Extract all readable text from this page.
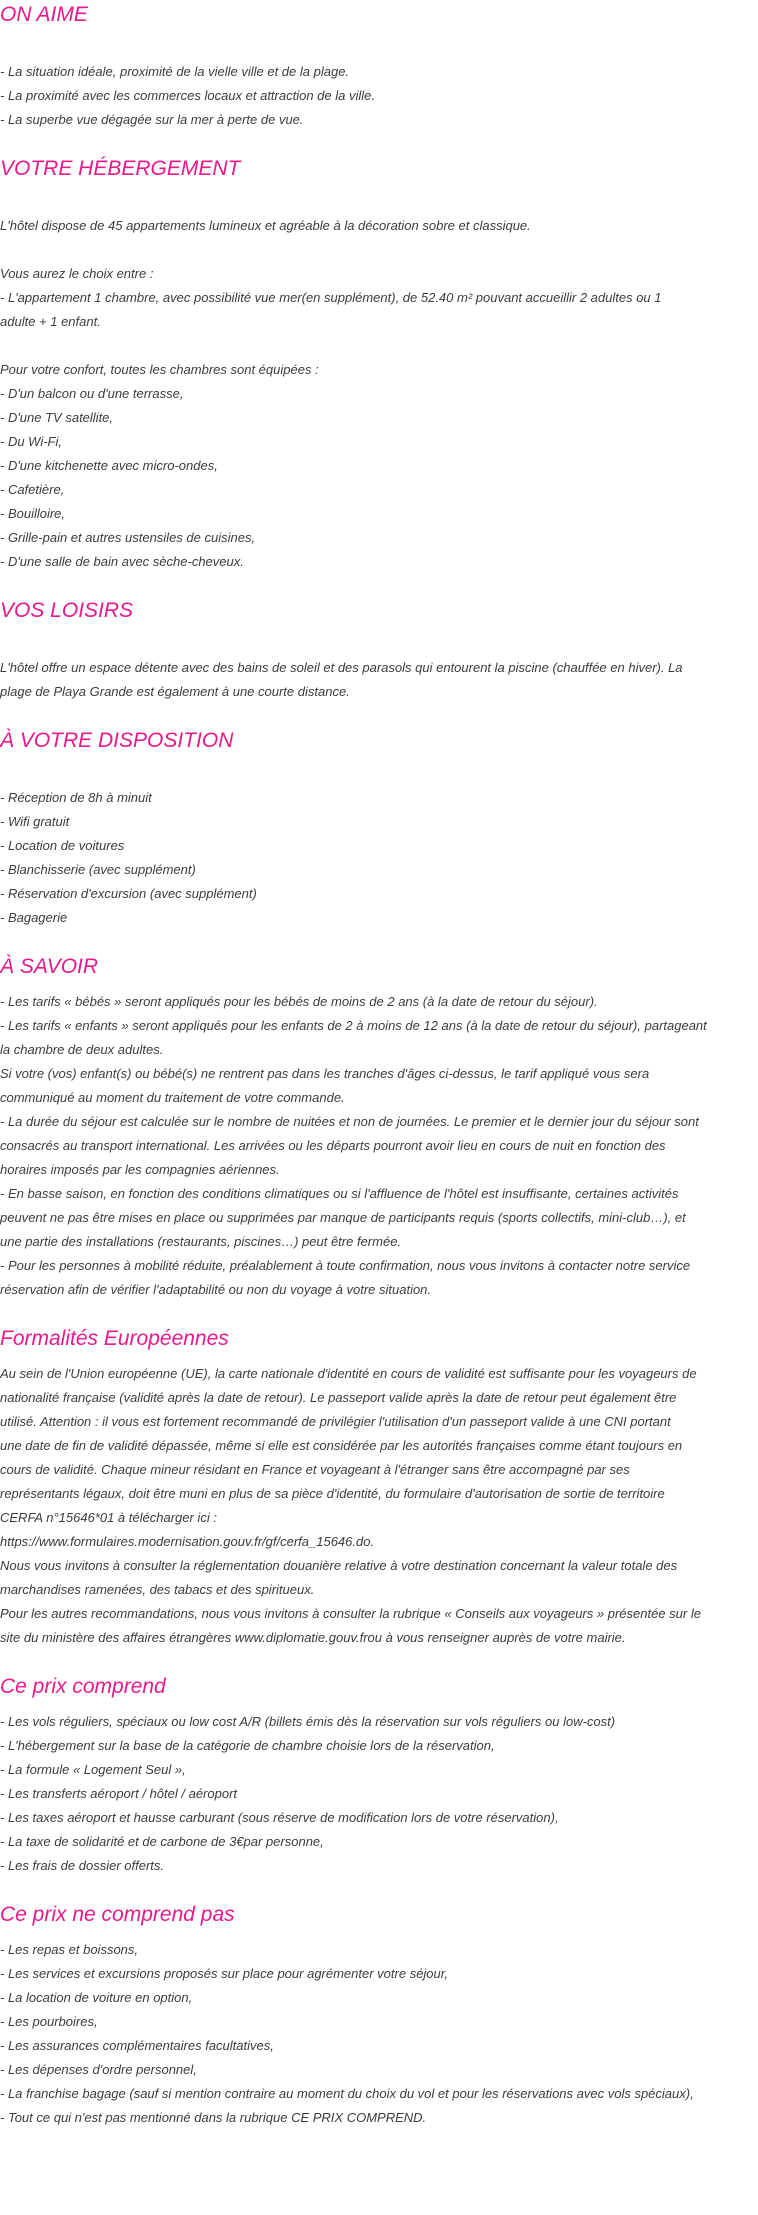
ON AIME
- La situation idéale, proximité de la vielle ville et de la plage.
- La proximité avec les commerces locaux et attraction de la ville.
- La superbe vue dégagée sur la mer à perte de vue.
VOTRE HÉBERGEMENT
L'hôtel dispose de 45 appartements lumineux et agréable à la décoration sobre et classique.
Vous aurez le choix entre :
- L'appartement 1 chambre, avec possibilité vue mer(en supplément), de 52.40 m² pouvant accueillir 2 adultes ou 1
adulte + 1 enfant.
Pour votre confort, toutes les chambres sont équipées :
- D'un balcon ou d'une terrasse,
- D'une TV satellite,
- Du Wi-Fi,
- D'une kitchenette avec micro-ondes,
- Cafetière,
- Bouilloire,
- Grille-pain et autres ustensiles de cuisines,
- D'une salle de bain avec sèche-cheveux.
VOS LOISIRS
L'hôtel offre un espace détente avec des bains de soleil et des parasols qui entourent la piscine (chauffée en hiver). La
plage de Playa Grande est également à une courte distance.
À VOTRE DISPOSITION
- Réception de 8h à minuit
- Wifi gratuit
- Location de voitures
- Blanchisserie (avec supplément)
- Réservation d'excursion (avec supplément)
- Bagagerie
À SAVOIR
- Les tarifs « bébés » seront appliqués pour les bébés de moins de 2 ans (à la date de retour du séjour).
- Les tarifs « enfants » seront appliqués pour les enfants de 2 à moins de 12 ans (à la date de retour du séjour), partageant
la chambre de deux adultes.
Si votre (vos) enfant(s) ou bébé(s) ne rentrent pas dans les tranches d'âges ci-dessus, le tarif appliqué vous sera
communiqué au moment du traitement de votre commande.
- La durée du séjour est calculée sur le nombre de nuitées et non de journées. Le premier et le dernier jour du séjour sont
consacrés au transport international. Les arrivées ou les départs pourront avoir lieu en cours de nuit en fonction des
horaires imposés par les compagnies aériennes.
- En basse saison, en fonction des conditions climatiques ou si l'affluence de l'hôtel est insuffisante, certaines activités
peuvent ne pas être mises en place ou supprimées par manque de participants requis (sports collectifs, mini-club…), et
une partie des installations (restaurants, piscines…) peut être fermée.
- Pour les personnes à mobilité réduite, préalablement à toute confirmation, nous vous invitons à contacter notre service
réservation afin de vérifier l'adaptabilité ou non du voyage à votre situation.
Formalités Européennes
Au sein de l'Union européenne (UE), la carte nationale d'identité en cours de validité est suffisante pour les voyageurs de
nationalité française (validité après la date de retour). Le passeport valide après la date de retour peut également être
utilisé. Attention : il vous est fortement recommandé de privilégier l'utilisation d'un passeport valide à une CNI portant
une date de fin de validité dépassée, même si elle est considérée par les autorités françaises comme étant toujours en
cours de validité. Chaque mineur résidant en France et voyageant à l'étranger sans être accompagné par ses
représentants légaux, doit être muni en plus de sa pièce d'identité, du formulaire d'autorisation de sortie de territoire
CERFA n°15646*01 à télécharger ici :
https://www.formulaires.modernisation.gouv.fr/gf/cerfa_15646.do.
Nous vous invitons à consulter la réglementation douanière relative à votre destination concernant la valeur totale des
marchandises ramenées, des tabacs et des spiritueux.
Pour les autres recommandations, nous vous invitons à consulter la rubrique « Conseils aux voyageurs » présentée sur le
site du ministère des affaires étrangères www.diplomatie.gouv.frou à vous renseigner auprès de votre mairie.
Ce prix comprend
- Les vols réguliers, spéciaux ou low cost A/R (billets émis dès la réservation sur vols réguliers ou low-cost)
- L'hébergement sur la base de la catégorie de chambre choisie lors de la réservation,
- La formule « Logement Seul »,
- Les transferts aéroport / hôtel / aéroport
- Les taxes aéroport et hausse carburant (sous réserve de modification lors de votre réservation),
- La taxe de solidarité et de carbone de 3€par personne,
- Les frais de dossier offerts.
Ce prix ne comprend pas
- Les repas et boissons,
- Les services et excursions proposés sur place pour agrémenter votre séjour,
- La location de voiture en option,
- Les pourboires,
- Les assurances complémentaires facultatives,
- Les dépenses d'ordre personnel,
- La franchise bagage (sauf si mention contraire au moment du choix du vol et pour les réservations avec vols spéciaux),
- Tout ce qui n'est pas mentionné dans la rubrique CE PRIX COMPREND.
